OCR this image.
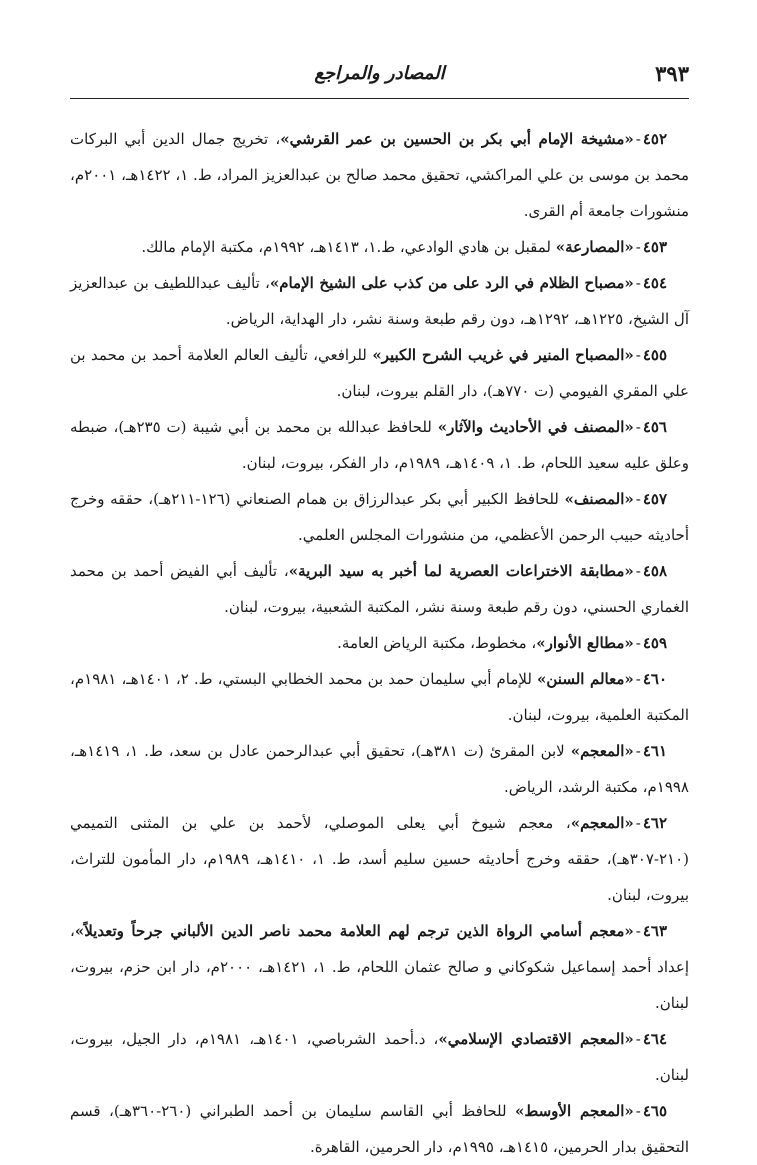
٣٩٣
المصادر والمراجع

٤٥٢-«مشيخة الإمام أبي بكر بن الحسين بن عمر القرشي»، تخريج جمال الدين أبي البركات محمد بن موسى بن علي المراكشي، تحقيق محمد صالح بن عبدالعزيز المراد، ط. ١، ١٤٢٢هـ، ٢٠٠١م، منشورات جامعة أم القرى.

٤٥٣-«المصارعة» لمقبل بن هادي الوادعي، ط.١، ١٤١٣هـ، ١٩٩٢م، مكتبة الإمام مالك.

٤٥٤-«مصباح الظلام في الرد على من كذب على الشيخ الإمام»، تأليف عبداللطيف بن عبدالعزيز آل الشيخ، ١٢٢٥هـ، ١٢٩٢هـ، دون رقم طبعة وسنة نشر، دار الهداية، الرياض.

٤٥٥-«المصباح المنير في غريب الشرح الكبير» للرافعي، تأليف العالم العلامة أحمد بن محمد بن علي المقري الفيومي (ت ٧٧٠هـ)، دار القلم بيروت، لبنان.

٤٥٦-«المصنف في الأحاديث والآثار» للحافظ عبدالله بن محمد بن أبي شيبة (ت ٢٣٥هـ)، ضبطه وعلق عليه سعيد اللحام، ط. ١، ١٤٠٩هـ، ١٩٨٩م، دار الفكر، بيروت، لبنان.

٤٥٧-«المصنف» للحافظ الكبير أبي بكر عبدالرزاق بن همام الصنعاني (١٢٦-٢١١هـ)، حققه وخرج أحاديثه حبيب الرحمن الأعظمي، من منشورات المجلس العلمي.

٤٥٨-«مطابقة الاختراعات العصرية لما أخبر به سيد البرية»، تأليف أبي الفيض أحمد بن محمد الغماري الحسني، دون رقم طبعة وسنة نشر، المكتبة الشعبية، بيروت، لبنان.

٤٥٩-«مطالع الأنوار»، مخطوط، مكتبة الرياض العامة.

٤٦٠-«معالم السنن» للإمام أبي سليمان حمد بن محمد الخطابي البستي، ط. ٢، ١٤٠١هـ، ١٩٨١م، المكتبة العلمية، بيروت، لبنان.

٤٦١-«المعجم» لابن المقرئ (ت ٣٨١هـ)، تحقيق أبي عبدالرحمن عادل بن سعد، ط. ١، ١٤١٩هـ، ١٩٩٨م، مكتبة الرشد، الرياض.

٤٦٢-«المعجم»، معجم شيوخ أبي يعلى الموصلي، لأحمد بن علي بن المثنى التميمي (٢١٠-٣٠٧هـ)، حققه وخرج أحاديثه حسين سليم أسد، ط. ١، ١٤١٠هـ، ١٩٨٩م، دار المأمون للتراث، بيروت، لبنان.

٤٦٣-«معجم أسامي الرواة الذين ترجم لهم العلامة محمد ناصر الدين الألباني جرحاً وتعديلاً»، إعداد أحمد إسماعيل شكوكاني و صالح عثمان اللحام، ط. ١، ١٤٢١هـ، ٢٠٠٠م، دار ابن حزم، بيروت، لبنان.

٤٦٤-«المعجم الاقتصادي الإسلامي»، د.أحمد الشرباصي، ١٤٠١هـ، ١٩٨١م، دار الجيل، بيروت، لبنان.

٤٦٥-«المعجم الأوسط» للحافظ أبي القاسم سليمان بن أحمد الطبراني (٢٦٠-٣٦٠هـ)، قسم التحقيق بدار الحرمين، ١٤١٥هـ، ١٩٩٥م، دار الحرمين، القاهرة.
